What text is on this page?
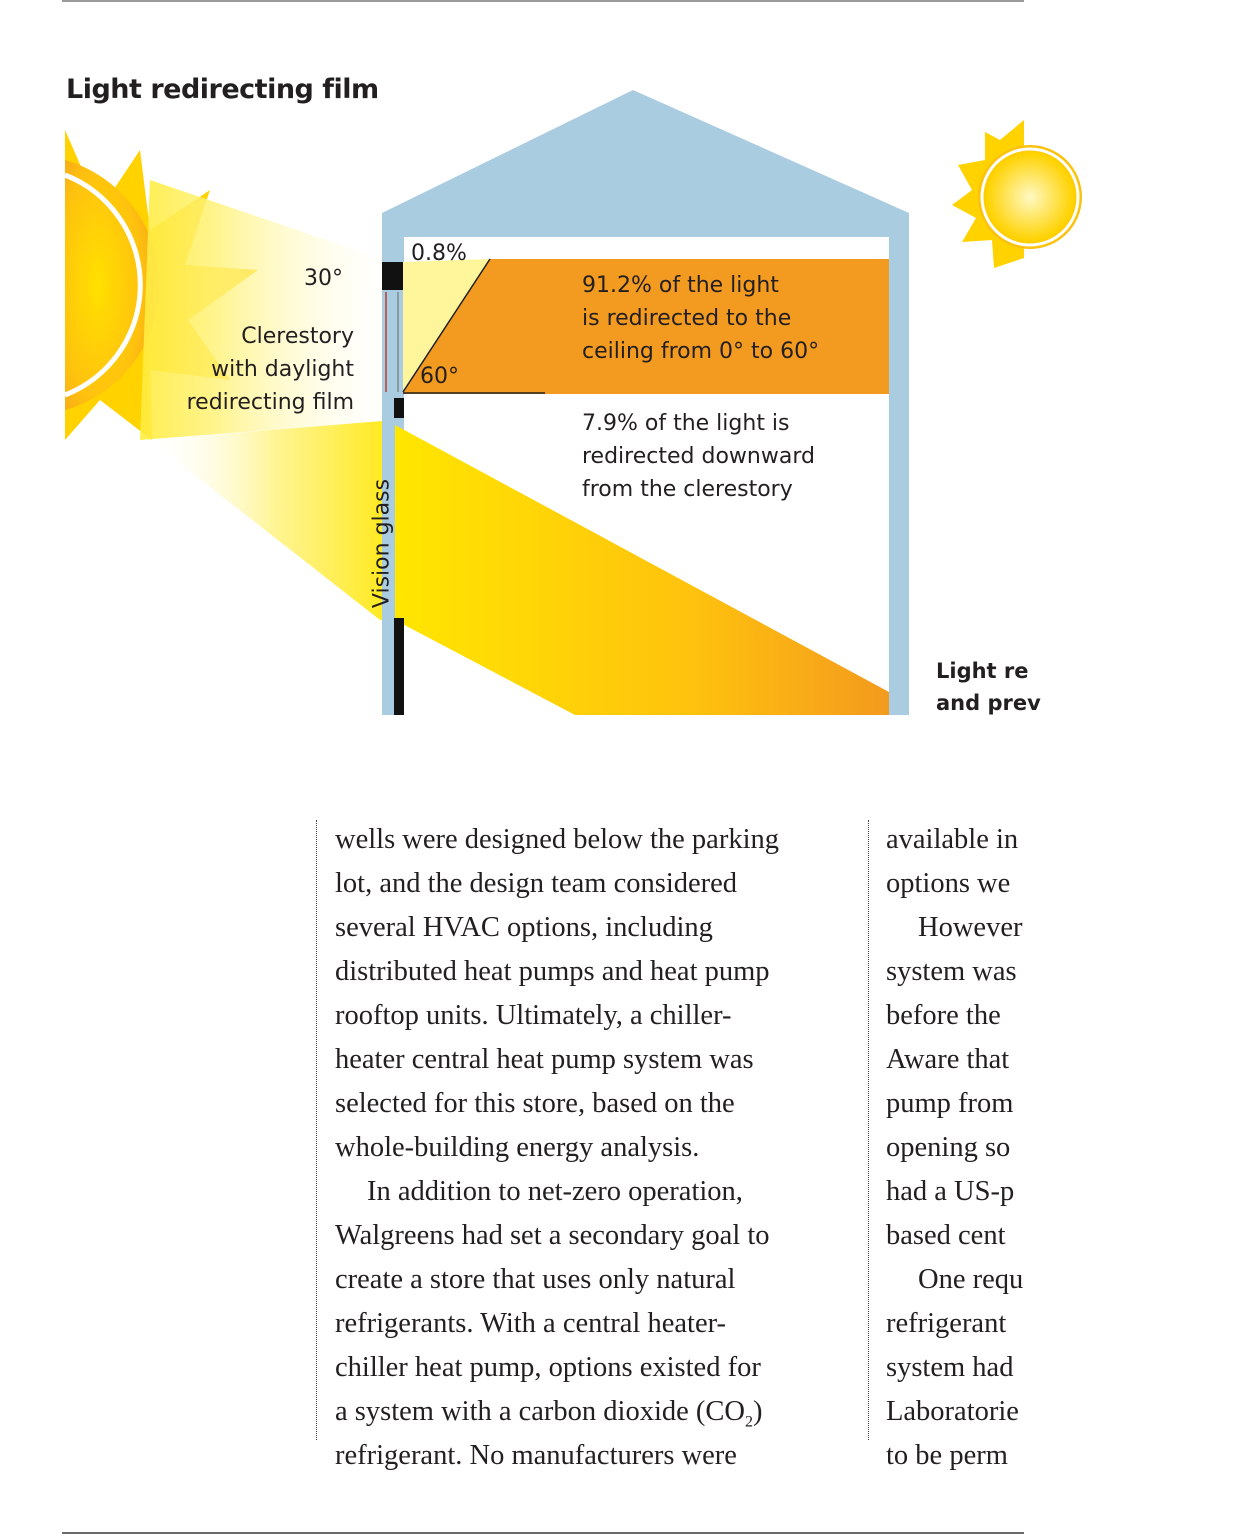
Light redirecting film
30°
Clerestory
with daylight
redirecting film
Vision glass
0.8%
60°
91.2% of the light
is redirected to the
ceiling from 0° to 60°
7.9% of the light is
redirected downward
from the clerestory
Light re
and prev
wells were designed below the parking
lot, and the design team considered
several HVAC options, including
distributed heat pumps and heat pump
rooftop units. Ultimately, a chiller-
heater central heat pump system was
selected for this store, based on the
whole-building energy analysis.
In addition to net-zero operation,
Walgreens had set a secondary goal to
create a store that uses only natural
refrigerants. With a central heater-
chiller heat pump, options existed for
a system with a carbon dioxide $(CO_2)$
refrigerant. No manufacturers were
available in
options we
However
system was
before the
Aware that
pump from
opening so
had a US-p
based cent
One requ
refrigerant
system had
Laboratorie
to be perm
